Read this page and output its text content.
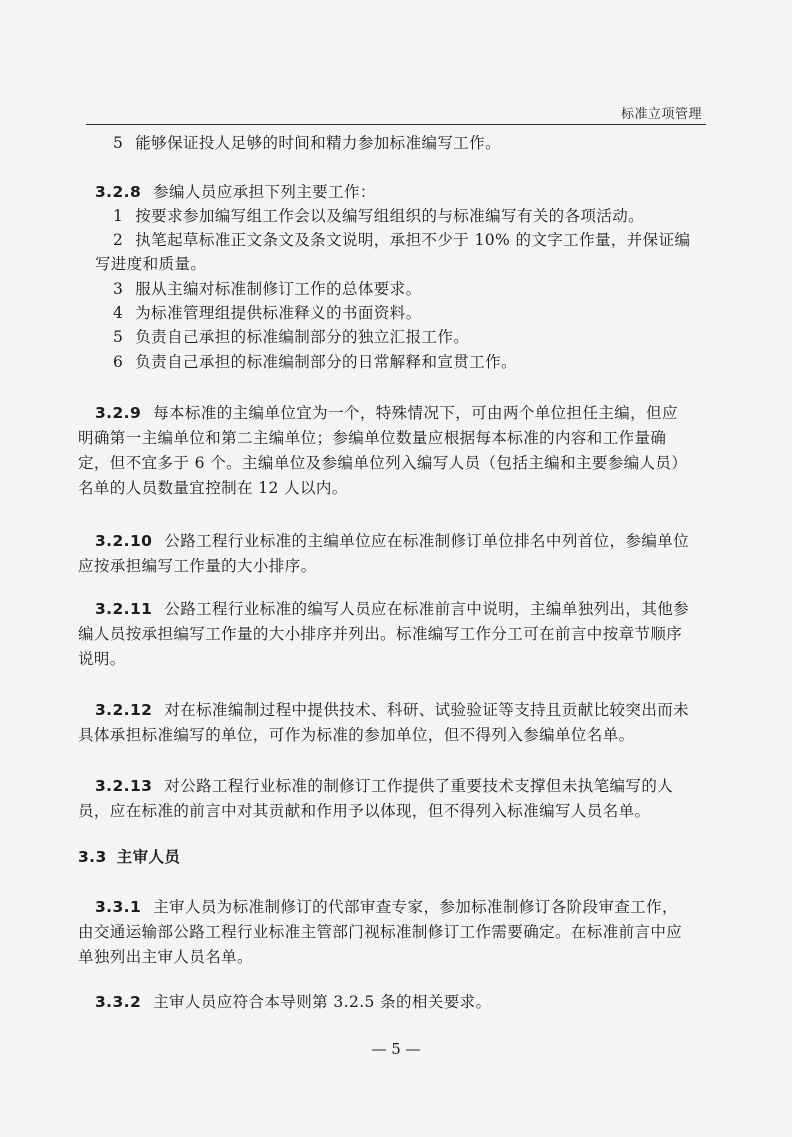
标准立项管理
5 能够保证投人足够的时间和精力参加标准编写工作。
3.2.8 参编人员应承担下列主要工作：
1 按要求参加编写组工作会以及编写组组织的与标准编写有关的各项活动。
2 执笔起草标准正文条文及条文说明，承担不少于 10% 的文字工作量，并保证编
写进度和质量。
3 服从主编对标准制修订工作的总体要求。
4 为标准管理组提供标准释义的书面资料。
5 负责自己承担的标准编制部分的独立汇报工作。
6 负责自己承担的标准编制部分的日常解释和宣贯工作。
3.2.9 每本标准的主编单位宜为一个，特殊情况下，可由两个单位担任主编，但应
明确第一主编单位和第二主编单位；参编单位数量应根据每本标准的内容和工作量确
定，但不宜多于 6 个。主编单位及参编单位列入编写人员（包括主编和主要参编人员）
名单的人员数量宜控制在 12 人以内。
3.2.10 公路工程行业标准的主编单位应在标准制修订单位排名中列首位，参编单位
应按承担编写工作量的大小排序。
3.2.11 公路工程行业标准的编写人员应在标准前言中说明，主编单独列出，其他参
编人员按承担编写工作量的大小排序并列出。标准编写工作分工可在前言中按章节顺序
说明。
3.2.12 对在标准编制过程中提供技术、科研、试验验证等支持且贡献比较突出而未
具体承担标准编写的单位，可作为标准的参加单位，但不得列入参编单位名单。
3.2.13 对公路工程行业标准的制修订工作提供了重要技术支撑但未执笔编写的人
员，应在标准的前言中对其贡献和作用予以体现，但不得列入标准编写人员名单。
3.3 主审人员
3.3.1 主审人员为标准制修订的代部审查专家，参加标准制修订各阶段审查工作，
由交通运输部公路工程行业标准主管部门视标准制修订工作需要确定。在标准前言中应
单独列出主审人员名单。
3.3.2 主审人员应符合本导则第 3.2.5 条的相关要求。
— 5 —
